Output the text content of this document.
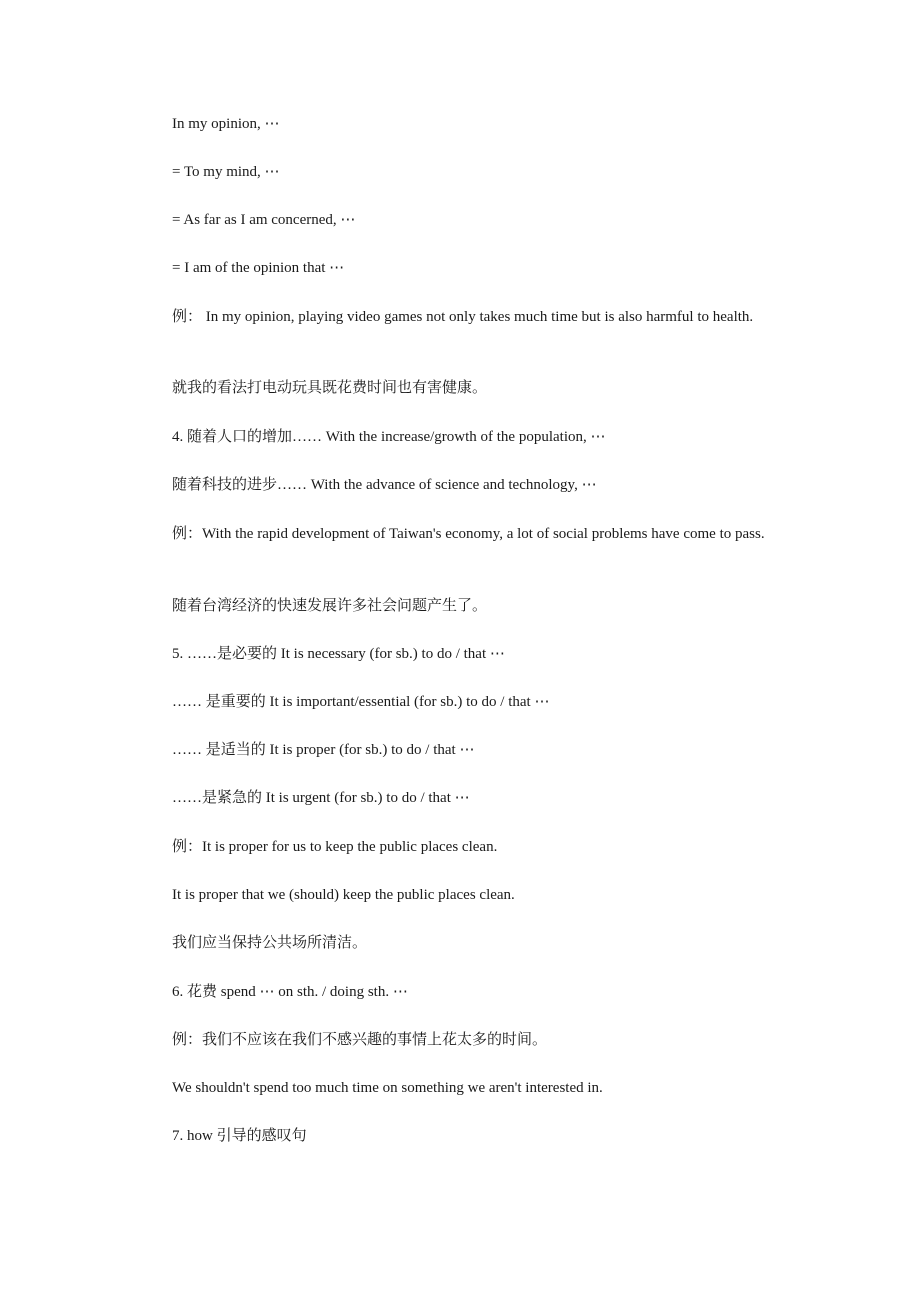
In my opinion, ⋯
= To my mind, ⋯
= As far as I am concerned, ⋯
= I am of the opinion that ⋯
例： In my opinion, playing video games not only takes much time but is also harmful to health.
就我的看法打电动玩具既花费时间也有害健康。
4. 随着人口的增加…… With the increase/growth of the population, ⋯
随着科技的进步…… With the advance of science and technology, ⋯
例：With the rapid development of Taiwan's economy, a lot of social problems have come to pass.
随着台湾经济的快速发展许多社会问题产生了。
5. ……是必要的 It is necessary (for sb.) to do / that ⋯
…… 是重要的 It is important/essential (for sb.) to do / that ⋯
…… 是适当的 It is proper (for sb.) to do / that ⋯
……是紧急的 It is urgent (for sb.) to do / that ⋯
例：It is proper for us to keep the public places clean.
It is proper that we (should) keep the public places clean.
我们应当保持公共场所清洁。
6. 花费 spend ⋯ on sth. / doing sth. ⋯
例：我们不应该在我们不感兴趣的事情上花太多的时间。
We shouldn't spend too much time on something we aren't interested in.
7. how 引导的感叹句
